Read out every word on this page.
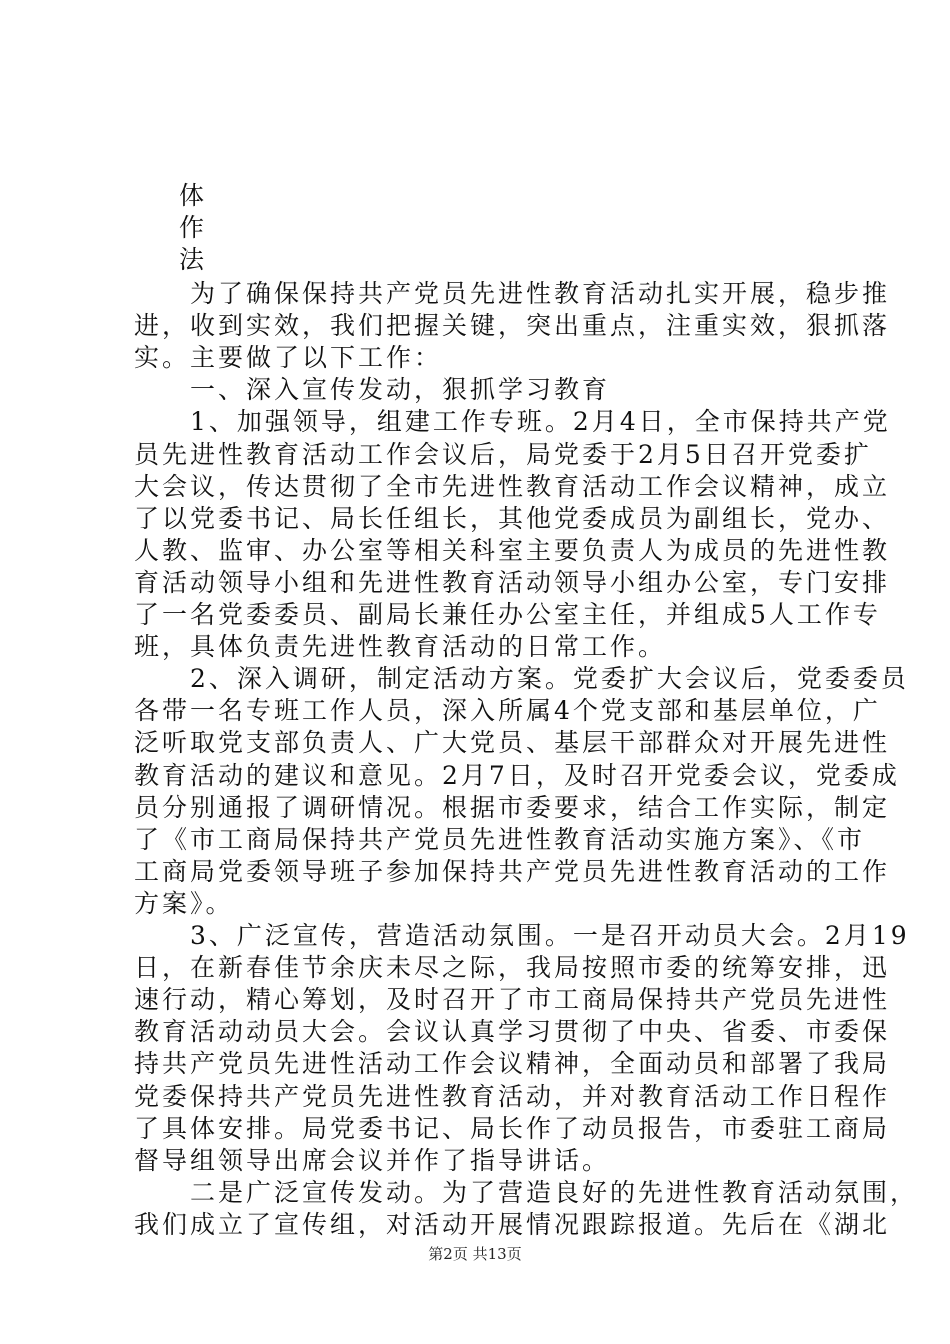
体
作
法
　　为了确保保持共产党员先进性教育活动扎实开展，稳步推
进，收到实效，我们把握关键，突出重点，注重实效，狠抓落
实。主要做了以下工作：
　　一、深入宣传发动，狠抓学习教育
　　1、加强领导，组建工作专班。2月4日，全市保持共产党
员先进性教育活动工作会议后，局党委于2月5日召开党委扩
大会议，传达贯彻了全市先进性教育活动工作会议精神，成立
了以党委书记、局长任组长，其他党委成员为副组长，党办、
人教、监审、办公室等相关科室主要负责人为成员的先进性教
育活动领导小组和先进性教育活动领导小组办公室，专门安排
了一名党委委员、副局长兼任办公室主任，并组成5人工作专
班，具体负责先进性教育活动的日常工作。
　　2、深入调研，制定活动方案。党委扩大会议后，党委委员
各带一名专班工作人员，深入所属4个党支部和基层单位，广
泛听取党支部负责人、广大党员、基层干部群众对开展先进性
教育活动的建议和意见。2月7日，及时召开党委会议，党委成
员分别通报了调研情况。根据市委要求，结合工作实际，制定
了《市工商局保持共产党员先进性教育活动实施方案》、《市
工商局党委领导班子参加保持共产党员先进性教育活动的工作
方案》。
　　3、广泛宣传，营造活动氛围。一是召开动员大会。2月19
日，在新春佳节余庆未尽之际，我局按照市委的统筹安排，迅
速行动，精心筹划，及时召开了市工商局保持共产党员先进性
教育活动动员大会。会议认真学习贯彻了中央、省委、市委保
持共产党员先进性活动工作会议精神，全面动员和部署了我局
党委保持共产党员先进性教育活动，并对教育活动工作日程作
了具体安排。局党委书记、局长作了动员报告，市委驻工商局
督导组领导出席会议并作了指导讲话。
　　二是广泛宣传发动。为了营造良好的先进性教育活动氛围，
我们成立了宣传组，对活动开展情况跟踪报道。先后在《湖北
第2页 共13页
